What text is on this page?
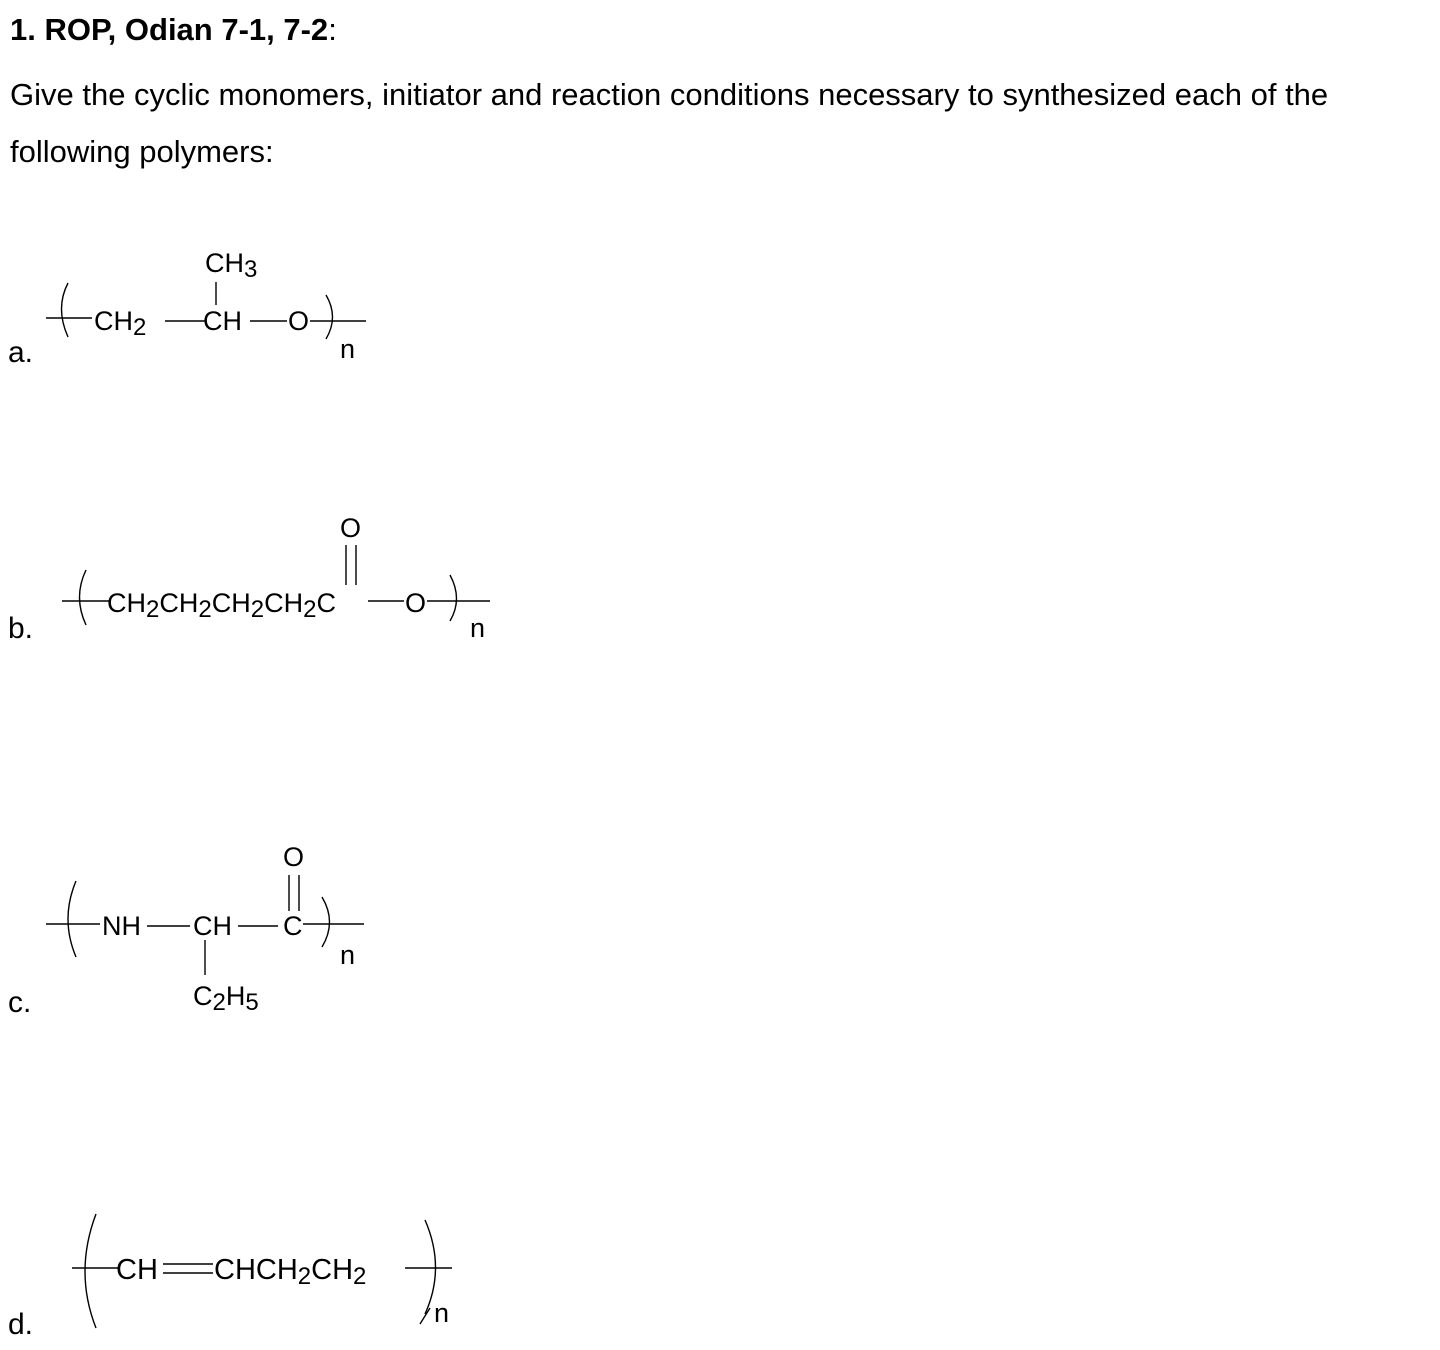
1. ROP, Odian 7-1, 7-2:
Give the cyclic monomers, initiator and reaction conditions necessary to synthesized each of the following polymers:
a.
CH2
CH3
CH O
n
b.
CH2CH2CH2CH2C
O
O
n
c.
NH CH
O
C
n
C2H5
d.
CH CHCH2CH2
n
